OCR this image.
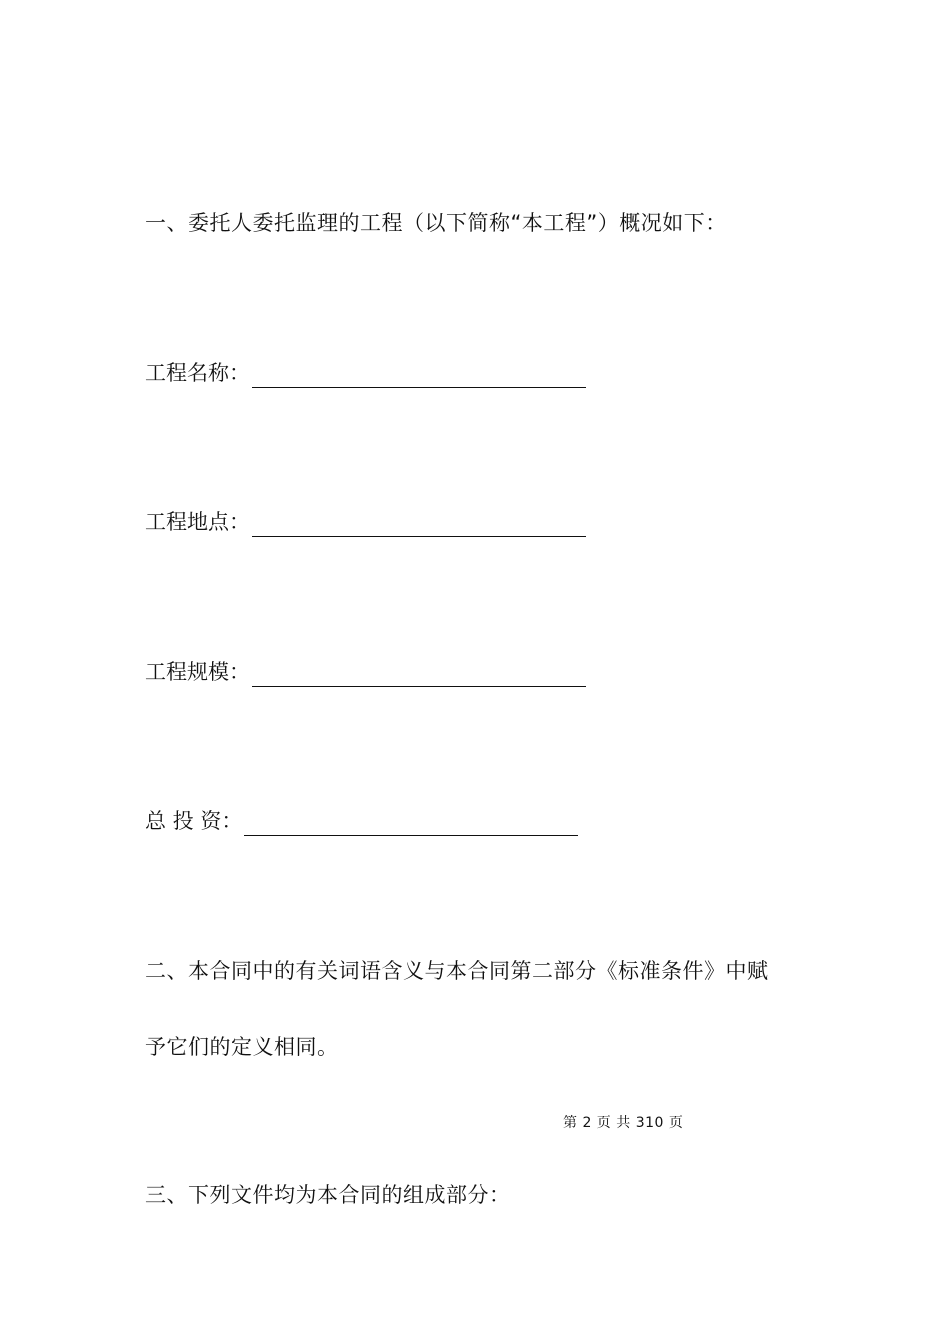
一、委托人委托监理的工程（以下简称“本工程”）概况如下：
工程名称：
工程地点：
工程规模：
总 投 资：
二、本合同中的有关词语含义与本合同第二部分《标准条件》中赋
予它们的定义相同。
第 2 页 共 310 页
三、下列文件均为本合同的组成部分：
